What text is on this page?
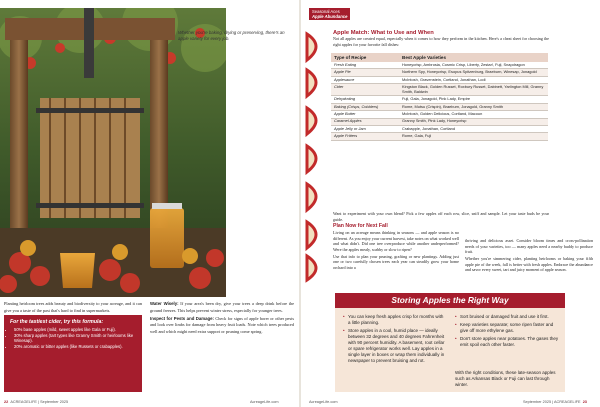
Whether you're baking, drying or preserving, there's an apple variety for every job.

Planting heirloom trees adds beauty and biodiversity to your acreage, and it can give you a taste of the past that's hard to find in supermarkets.

For the tastiest cider, try this formula:
• 50% base apples (mild, sweet apples like Gala or Fuji).
• 30% sharp apples (tart types like Granny Smith or heirlooms like Winesap).
• 20% aromatic or bitter apples (like Russets or crabapples).

Water Wisely: If your area's been dry, give your trees a deep drink before the ground freezes. This helps prevent winter stress, especially for younger trees.

Inspect for Pests and Damage: Check for signs of apple borer or other pests and look over limbs for damage from heavy fruit loads. Note which trees produced well and which might need extra support or pruning come spring.

22 ACREAGELIFE | September 2025	AcreageLife.com
Seasonal Aces
Apple Abundance
Apple Match: What to Use and When
Not all apples are created equal, especially when it comes to how they perform in the kitchen. Here's a cheat sheet for choosing the right apples for your favorite fall dishes:
Type of Recipe	Best Apple Varieties
Fresh Eating	Honeycrisp, Ambrosia, Cosmic Crisp, Liberty, Zestar!, Fuji, Snapdragon
Apple Pie	Northern Spy, Honeycrisp, Esopus Spitzenburg, Braeburn, Winesap, Jonagold
Applesauce	McIntosh, Gravenstein, Cortland, Jonathan, Lodi
Cider	Kingston Black, Golden Russet, Roxbury Russet, Dabinett, Yarlington Mill, Granny Smith, Baldwin
Dehydrating	Fuji, Gala, Jonagold, Pink Lady, Empire
Baking (Crisps, Cobblers)	Rome, Mutsu (Crispin), Braeburn, Jonagold, Granny Smith
Apple Butter	McIntosh, Golden Delicious, Cortland, Macoun
Caramel Apples	Granny Smith, Pink Lady, Honeycrisp
Apple Jelly or Jam	Crabapple, Jonathan, Cortland
Apple Fritters	Rome, Gala, Fuji
Want to experiment with your own blend? Pick a few apples off each row, slice, sniff and sample. Let your taste buds be your guide.
Plan Now for Next Fall

Living on an acreage means thinking in seasons — and apple season is no different. As you enjoy your current harvest, take notes on what worked well and what didn't. Did one tree overproduce while another underperformed? Were the apples mealy, scabby or slow to ripen?

Use that info to plan your pruning, grafting or new plantings. Adding just one or two carefully chosen trees each year can steadily grow your home orchard into a

thriving and delicious asset. Consider bloom times and cross-pollination needs of your varieties, too — many apples need a nearby buddy to produce fruit.

Whether you're simmering cider, planting heirlooms or baking your fifth apple pie of the week, fall is better with fresh apples. Embrace the abundance and savor every sweet, tart and juicy moment of apple season.

Storing Apples the Right Way
• You can keep fresh apples crisp for months with a little planning.
• Store apples in a cool, humid place — ideally between 32 degrees and 40 degrees Fahrenheit with 90 percent humidity. A basement, root cellar or spare refrigerator works well. Lay apples in a single layer in boxes or wrap them individually in newspaper to prevent bruising and rot.
• Sort bruised or damaged fruit and use it first.
• Keep varieties separate; some ripen faster and give off more ethylene gas.
• Don't store apples near potatoes. The gases they emit spoil each other faster.
With the right conditions, these late-season apples such as Arkansas Black or Fuji can last through winter.
AcreageLife.com	September 2025 | ACREAGELIFE 23
